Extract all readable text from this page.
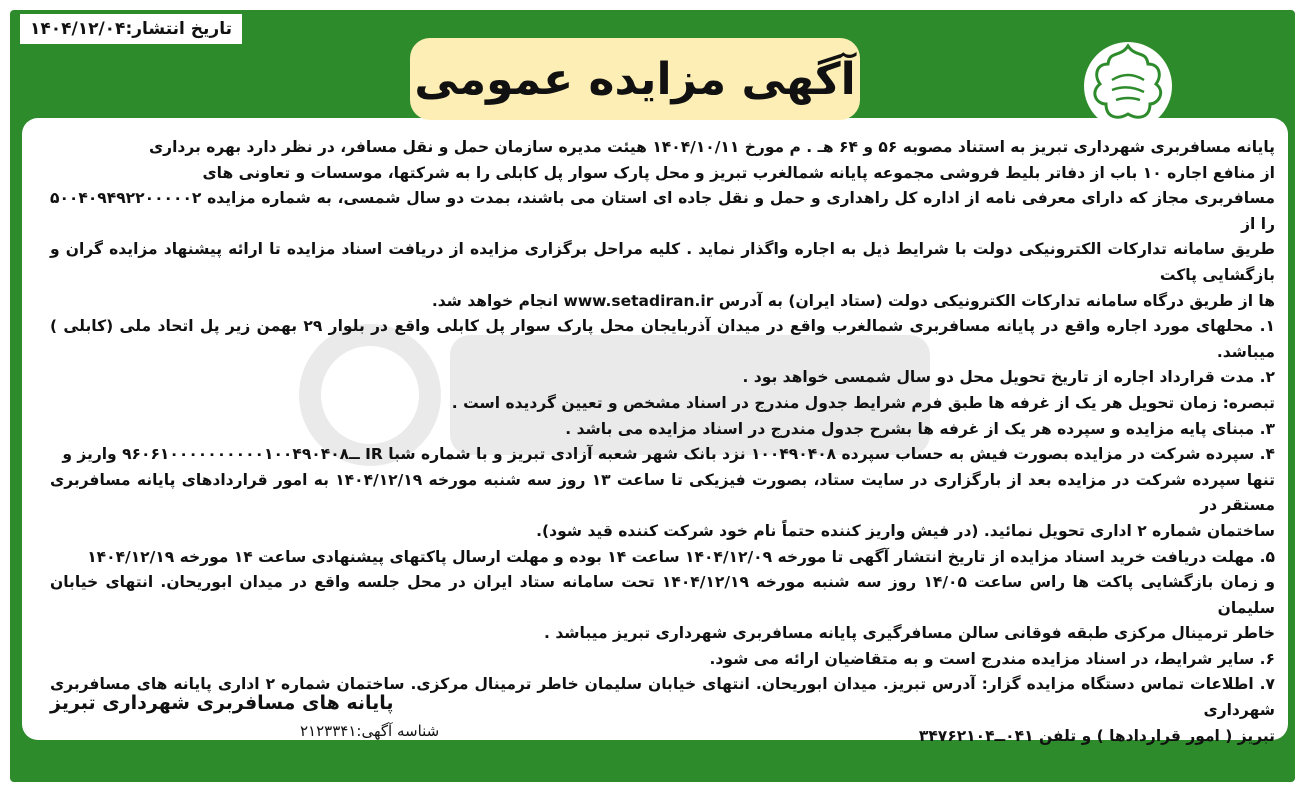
تاریخ انتشار:۱۴۰۴/۱۲/۰۴
آگهی مزایده عمومی

پایانه مسافربری شهرداری تبریز به استناد مصوبه ۵۶ و ۶۴ هـ . م مورخ ۱۴۰۴/۱۰/۱۱ هیئت مدیره سازمان حمل و نقل مسافر، در نظر دارد بهره برداری

از منافع اجاره ۱۰ باب از دفاتر بلیط فروشی مجموعه پایانه شمالغرب تبریز و محل پارک سوار پل کابلی را به شرکتها، موسسات و تعاونی های

مسافربری مجاز که دارای معرفی نامه از اداره کل راهداری و حمل و نقل جاده ای استان می باشند، بمدت دو سال شمسی، به شماره مزایده ۵۰۰۴۰۹۴۹۲۲۰۰۰۰۰۲ را از

طریق سامانه تدارکات الکترونیکی دولت با شرایط ذیل به اجاره واگذار نماید . کلیه مراحل برگزاری مزایده از دریافت اسناد مزایده تا ارائه پیشنهاد مزایده گران و بازگشایی پاکت

ها از طریق درگاه سامانه تدارکات الکترونیکی دولت (ستاد ایران) به آدرس www.setadiran.ir انجام خواهد شد.

۱. محلهای مورد اجاره واقع در پایانه مسافربری شمالغرب واقع در میدان آذربایجان محل پارک سوار پل کابلی واقع در بلوار ۲۹ بهمن زیر پل اتحاد ملی (کابلی ) میباشد.

۲. مدت قرارداد اجاره از تاریخ تحویل محل دو سال شمسی خواهد بود .

تبصره: زمان تحویل هر یک از غرفه ها طبق فرم شرایط جدول مندرج در اسناد مشخص و تعیین گردیده است .

۳. مبنای پایه مزایده و سپرده هر یک از غرفه ها بشرح جدول مندرج در اسناد مزایده می باشد .

۴. سپرده شرکت در مزایده بصورت فیش به حساب سپرده ۱۰۰۴۹۰۴۰۸ نزد بانک شهر شعبه آزادی تبریز و با شماره شبا IR ــ۹۶۰۶۱۰۰۰۰۰۰۰۰۰۰۱۰۰۴۹۰۴۰۸ واریز و

تنها سپرده شرکت در مزایده بعد از بارگزاری در سایت ستاد، بصورت فیزیکی تا ساعت ۱۳ روز سه شنبه مورخه ۱۴۰۴/۱۲/۱۹ به امور قراردادهای پایانه مسافربری مستقر در

ساختمان شماره ۲ اداری تحویل نمائید. (در فیش واریز کننده حتماً نام خود شرکت کننده قید شود).

۵. مهلت دریافت خرید اسناد مزایده از تاریخ انتشار آگهی تا مورخه ۱۴۰۴/۱۲/۰۹ ساعت ۱۴ بوده و مهلت ارسال پاکتهای پیشنهادی ساعت ۱۴ مورخه ۱۴۰۴/۱۲/۱۹

و زمان بازگشایی پاکت ها راس ساعت ۱۴/۰۵ روز سه شنبه مورخه ۱۴۰۴/۱۲/۱۹ تحت سامانه ستاد ایران در محل جلسه واقع در میدان ابوریحان. انتهای خیابان سلیمان

خاطر ترمینال مرکزی طبقه فوقانی سالن مسافرگیری پایانه مسافربری شهرداری تبریز میباشد .

۶. سایر شرایط، در اسناد مزایده مندرج است و به متقاضیان ارائه می شود.

۷. اطلاعات تماس دستگاه مزایده گزار: آدرس تبریز. میدان ابوریحان. انتهای خیابان سلیمان خاطر ترمینال مرکزی. ساختمان شماره ۲ اداری پایانه های مسافربری شهرداری

تبریز ( امور قراردادها ) و تلفن ۰۴۱ــ۳۴۷۶۲۱۰۴

پایانه های مسافربری شهرداری تبریز
شناسه آگهی:۲۱۲۳۳۴۱
